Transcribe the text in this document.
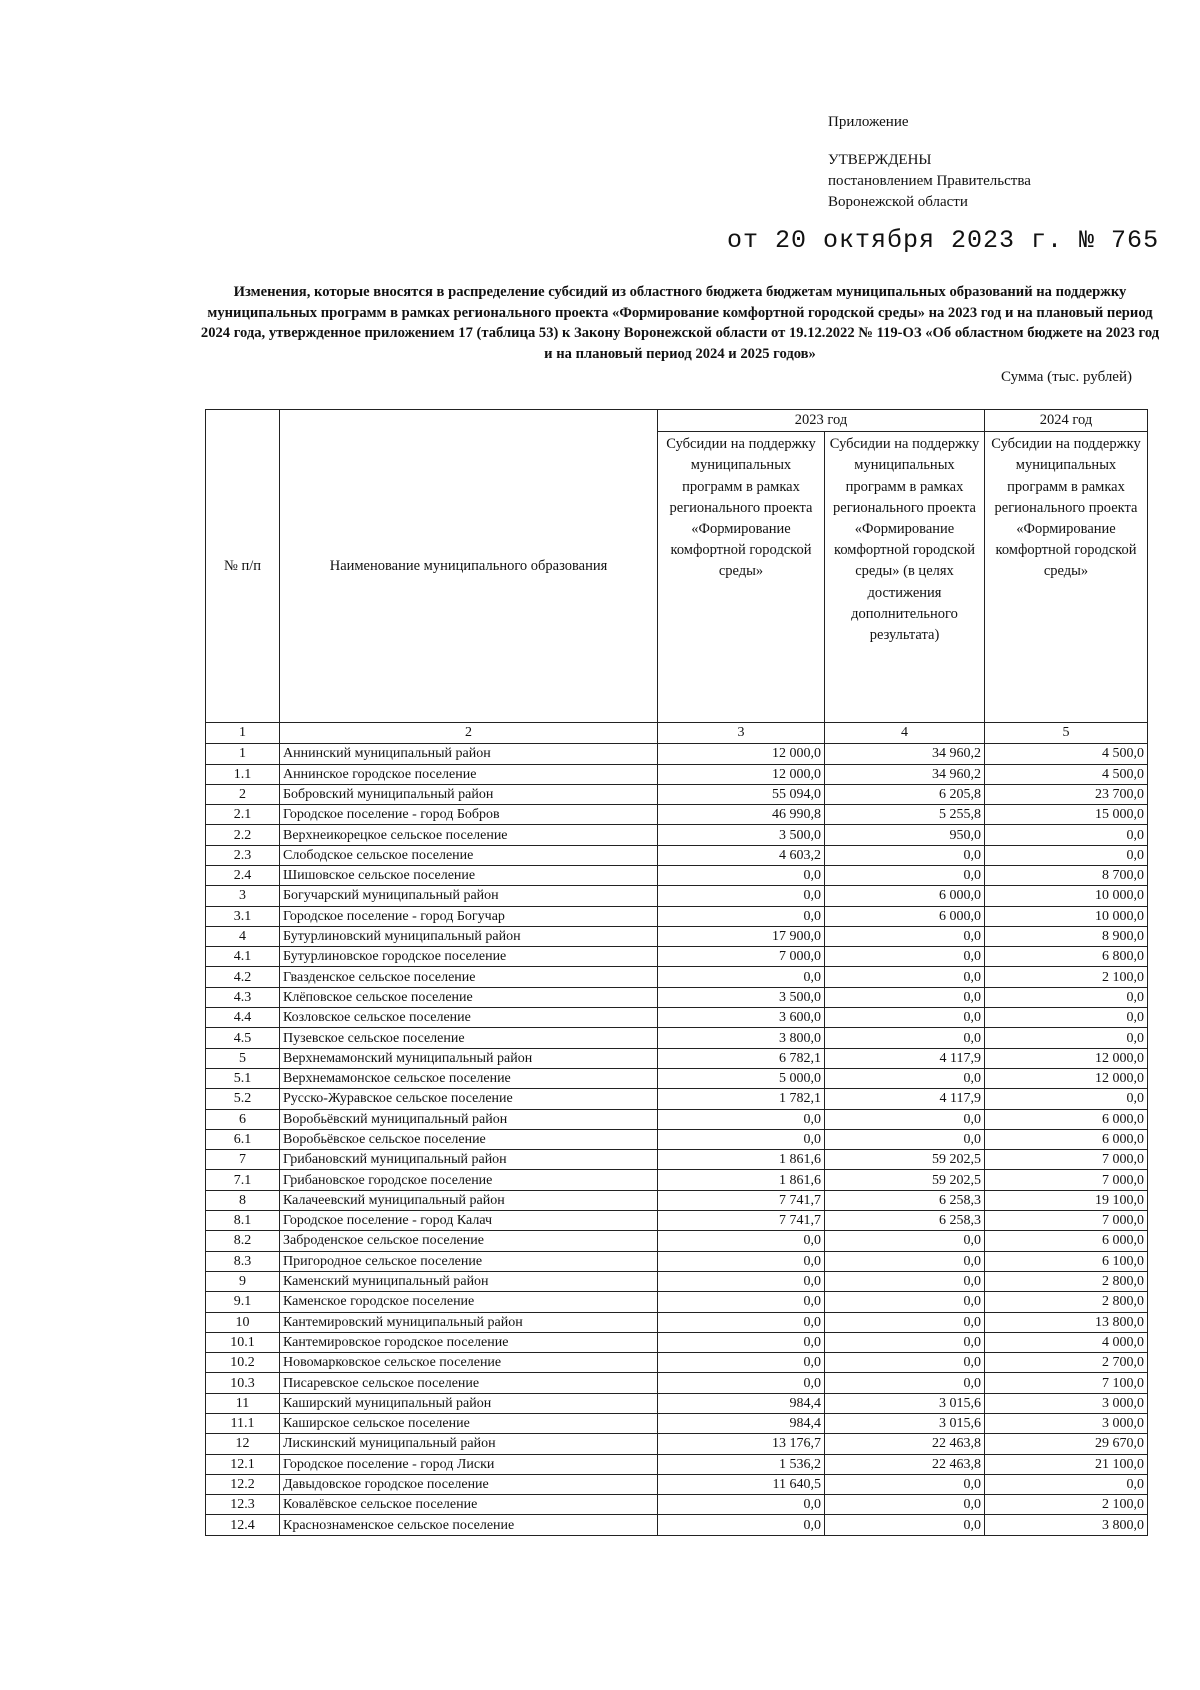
Приложение
УТВЕРЖДЕНЫ
постановлением Правительства
Воронежской области
от 20 октября 2023 г. № 765
Изменения, которые вносятся в распределение субсидий из областного бюджета бюджетам муниципальных образований на поддержку муниципальных программ в рамках регионального проекта «Формирование комфортной городской среды» на 2023 год и на плановый период 2024 года, утвержденное приложением 17 (таблица 53) к Закону Воронежской области от 19.12.2022 № 119-ОЗ «Об областном бюджете на 2023 год и на плановый период 2024 и 2025 годов»
Сумма (тыс. рублей)
№ п/п	Наименование муниципального образования	2023 год		2024 год
		Субсидии на поддержку муниципальных программ в рамках регионального проекта «Формирование комфортной городской среды»	Субсидии на поддержку муниципальных программ в рамках регионального проекта «Формирование комфортной городской среды» (в целях достижения дополнительного результата)	Субсидии на поддержку муниципальных программ в рамках регионального проекта «Формирование комфортной городской среды»
1	2	3	4	5
1	Аннинский муниципальный район	12 000,0	34 960,2	4 500,0
1.1	Аннинское городское поселение	12 000,0	34 960,2	4 500,0
2	Бобровский муниципальный район	55 094,0	6 205,8	23 700,0
2.1	Городское поселение - город Бобров	46 990,8	5 255,8	15 000,0
2.2	Верхнеикорецкое сельское поселение	3 500,0	950,0	0,0
2.3	Слободское сельское поселение	4 603,2	0,0	0,0
2.4	Шишовское сельское поселение	0,0	0,0	8 700,0
3	Богучарский муниципальный район	0,0	6 000,0	10 000,0
3.1	Городское поселение - город Богучар	0,0	6 000,0	10 000,0
4	Бутурлиновский муниципальный район	17 900,0	0,0	8 900,0
4.1	Бутурлиновское городское поселение	7 000,0	0,0	6 800,0
4.2	Гвазденское сельское поселение	0,0	0,0	2 100,0
4.3	Клёповское сельское поселение	3 500,0	0,0	0,0
4.4	Козловское сельское поселение	3 600,0	0,0	0,0
4.5	Пузевское сельское поселение	3 800,0	0,0	0,0
5	Верхнемамонский муниципальный район	6 782,1	4 117,9	12 000,0
5.1	Верхнемамонское сельское поселение	5 000,0	0,0	12 000,0
5.2	Русско-Журавское сельское поселение	1 782,1	4 117,9	0,0
6	Воробьёвский муниципальный район	0,0	0,0	6 000,0
6.1	Воробьёвское сельское поселение	0,0	0,0	6 000,0
7	Грибановский муниципальный район	1 861,6	59 202,5	7 000,0
7.1	Грибановское городское поселение	1 861,6	59 202,5	7 000,0
8	Калачеевский муниципальный район	7 741,7	6 258,3	19 100,0
8.1	Городское поселение - город Калач	7 741,7	6 258,3	7 000,0
8.2	Заброденское сельское поселение	0,0	0,0	6 000,0
8.3	Пригородное сельское поселение	0,0	0,0	6 100,0
9	Каменский муниципальный район	0,0	0,0	2 800,0
9.1	Каменское городское поселение	0,0	0,0	2 800,0
10	Кантемировский муниципальный район	0,0	0,0	13 800,0
10.1	Кантемировское городское поселение	0,0	0,0	4 000,0
10.2	Новомарковское сельское поселение	0,0	0,0	2 700,0
10.3	Писаревское сельское поселение	0,0	0,0	7 100,0
11	Каширский муниципальный район	984,4	3 015,6	3 000,0
11.1	Каширское сельское поселение	984,4	3 015,6	3 000,0
12	Лискинский муниципальный район	13 176,7	22 463,8	29 670,0
12.1	Городское поселение - город Лиски	1 536,2	22 463,8	21 100,0
12.2	Давыдовское городское поселение	11 640,5	0,0	0,0
12.3	Ковалёвское сельское поселение	0,0	0,0	2 100,0
12.4	Краснознаменское сельское поселение	0,0	0,0	3 800,0
